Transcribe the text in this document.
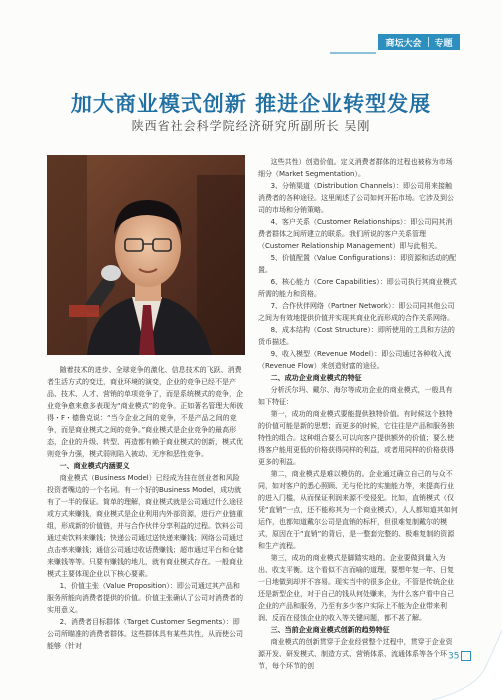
商坛大会 专题
加大商业模式创新 推进企业转型发展
陕西省社会科学院经济研究所副所长 吴刚

随着技术的进步、全球竞争的激化、信息技术的飞跃、消费者生活方式的变迁，商业环境的演变，企业的竞争已经不是产品、技术、人才、营销的单项竞争了，而是系统模式的竞争，企业竞争愈来愈多表现为“商业模式”的竞争。正如著名管理大师彼得・F・德鲁克说：“当今企业之间的竞争，不是产品之间的竞争，而是商业模式之间的竞争。”商业模式是企业竞争的最高形态，企业的升级、转型、再造都有赖于商业模式的创新，模式优则竞争力强，模式弱则陷入被动、无序和恶性竞争。

一、商业模式内涵要义

商业模式（Business Model）已经成为挂在创业者和风险投资者嘴边的一个名词。有一个好的Business Model，成功就有了一半的保证。简单的理解，商业模式就是公司通过什么途径或方式来赚钱，商业模式是企业利用内外部资源，进行产业链重组，形成新的价值链，并与合作伙伴分享利益的过程。饮料公司通过卖饮料来赚钱；快递公司通过送快递来赚钱；网络公司通过点击率来赚钱；通信公司通过收话费赚钱；超市通过平台和仓储来赚钱等等。只要有赚钱的地儿，就有商业模式存在。一般商业模式主要体现企业以下核心要素。

1、价值主张（Value Proposition）：即公司通过其产品和服务所能向消费者提供的价值。价值主张确认了公司对消费者的实用意义。

2、消费者目标群体（Target Customer Segments）：即公司所瞄准的消费者群体。这些群体具有某些共性，从而使公司能够（针对

这些共性）创造价值。定义消费者群体的过程也被称为市场细分（Market Segmentation）。

3、分销渠道（Distribution Channels）：即公司用来接触消费者的各种途径。这里阐述了公司如何开拓市场。它涉及到公司的市场和分销策略。

4、客户关系（Customer Relationships）：即公司同其消费者群体之间所建立的联系。我们所说的客户关系管理（Customer Relationship Management）即与此相关。

5、价值配置（Value Configurations）：即资源和活动的配置。

6、核心能力（Core Capabilities）：即公司执行其商业模式所需的能力和资格。

7、合作伙伴网络（Partner Network）：即公司同其他公司之间为有效地提供价值并实现其商业化而形成的合作关系网络。

8、成本结构（Cost Structure）：即所使用的工具和方法的货币描述。

9、收入模型（Revenue Model）：即公司通过各种收入流（Revenue Flow）来创造财富的途径。

二、成功企业商业模式的特征

分析沃尔玛、戴尔、海尔等成功企业的商业模式，一般具有如下特征：

第一，成功的商业模式要能提供独特价值。有时候这个独特的价值可能是新的思想；而更多的时候，它往往是产品和服务独特性的组合。这种组合要么可以向客户提供额外的价值；要么使得客户能用更低的价格获得同样的利益，或者用同样的价格获得更多的利益。

第二，商业模式是难以模仿的。企业通过确立自己的与众不同，如对客户的悉心照顾、无与伦比的实施能力等，来提高行业的进入门槛，从而保证利润来源不受侵犯。比如，直销模式（仅凭“直销”一点，还不能称其为一个商业模式），人人都知道其如何运作，也都知道戴尔公司是直销的标杆，但很难复制戴尔的模式，原因在于“直销”的背后，是一整套完整的、极难复制的资源和生产流程。

第三，成功的商业模式是脚踏实地的。企业要做到量入为出、收支平衡。这个看似不言而喻的道理，要想年复一年、日复一日地做到却并不容易。现实当中的很多企业，不管是传统企业还是新型企业，对于自己的钱从何处赚来，为什么客户看中自己企业的产品和服务，乃至有多少客户实际上不能为企业带来利润、反而在侵蚀企业的收入等关键问题，都不甚了解。

三、当前企业商业模式创新的趋势特征

商业模式的创新贯穿于企业经营整个过程中，贯穿于企业资源开发、研发模式、制造方式、营销体系、流通体系等各个环节，每个环节的创

35
